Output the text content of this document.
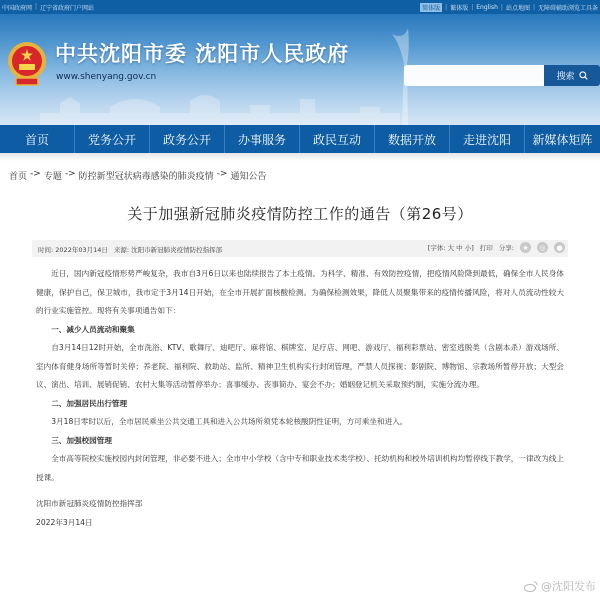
中国政府网 | 辽宁省政府门户网站	简体版 | 繁体版 | English | 站点地图 | 无障碍辅助浏览工具条
中共沈阳市委 沈阳市人民政府
www.shenyang.gov.cn	搜索
首页	党务公开	政务公开	办事服务	政民互动	数据开放	走进沈阳	新媒体矩阵
首页 -> 专题 -> 防控新型冠状病毒感染的肺炎疫情 -> 通知公告
关于加强新冠肺炎疫情防控工作的通告（第26号）
时间: 2022年03月14日 来源: 沈阳市新冠肺炎疫情防控指挥部	[字体: 大 中 小] 打印 分享:	★	◎	●

近日，国内新冠疫情形势严峻复杂，我市自3月6日以来也陆续报告了本土疫情。为科学、精准、有效防控疫情，把疫情风险降到最低，确保全市人民身体健康，保护自己，保卫城市，我市定于3月14日开始，在全市开展扩面核酸检测。为确保检测效果，降低人员聚集带来的疫情传播风险，将对人员流动性较大的行业实施管控。现将有关事项通告如下：

一、减少人员流动和聚集

自3月14日12时开始，全市洗浴、KTV、歌舞厅、迪吧厅、麻将馆、棋牌室、足疗店、网吧、游戏厅、福利彩票站、密室逃脱类（含剧本杀）游戏场所、室内体育健身场所等暂时关停；养老院、福利院、救助站、监所、精神卫生机构实行封闭管理，严禁人员探视；影剧院、博物馆、宗教场所暂停开放；大型会议、演出、培训、展销促销、农村大集等活动暂停举办；喜事缓办、丧事简办、宴会不办；婚姻登记机关采取预约制，实施分流办理。

二、加强居民出行管理

3月18日零时以后，全市居民乘坐公共交通工具和进入公共场所须凭本轮核酸阴性证明，方可乘坐和进入。

三、加强校园管理

全市高等院校实施校园内封闭管理，非必要不进入；全市中小学校（含中专和职业技术类学校）、托幼机构和校外培训机构均暂停线下教学，一律改为线上授课。

沈阳市新冠肺炎疫情防控指挥部

2022年3月14日

@沈阳发布
